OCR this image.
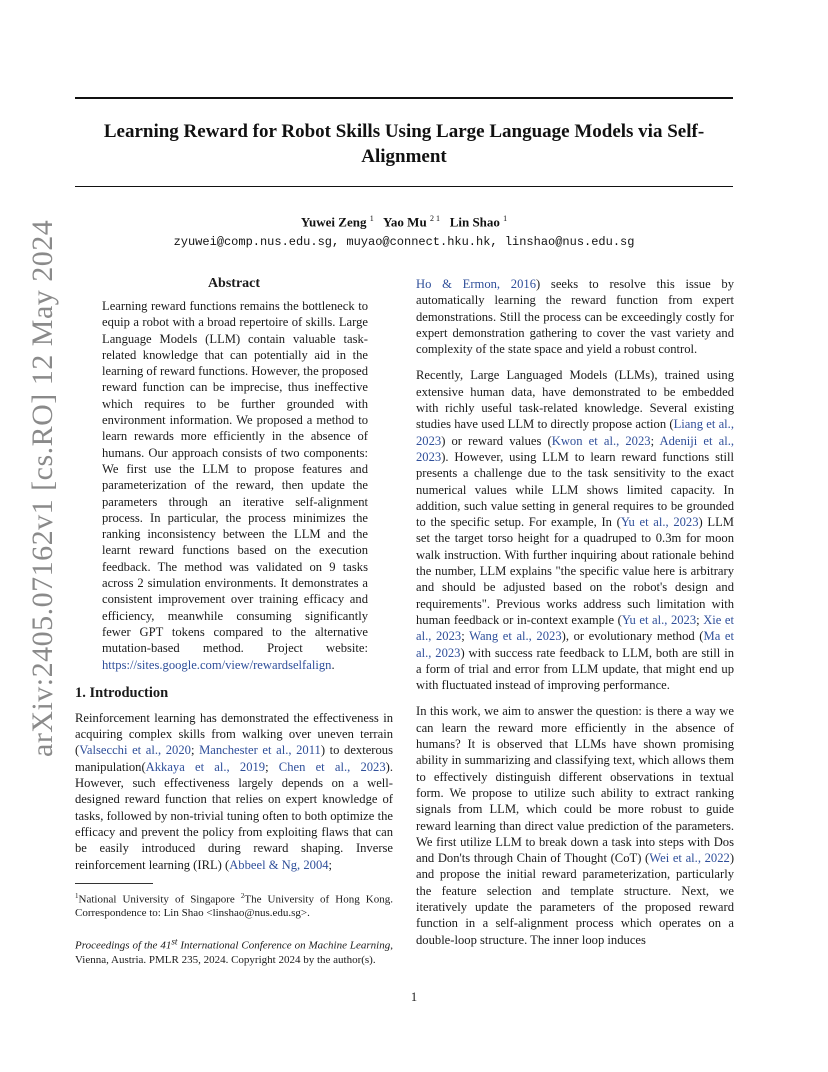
Learning Reward for Robot Skills Using Large Language Models via Self-Alignment
Yuwei Zeng $^1$ Yao Mu $^{2 1}$ Lin Shao $^1$
zyuwei@comp.nus.edu.sg, muyao@connect.hku.hk, linshao@nus.edu.sg
arXiv:2405.07162v1 [cs.RO] 12 May 2024	Abstract

Learning reward functions remains the bottleneck to equip a robot with a broad repertoire of skills. Large Language Models (LLM) contain valuable task-related knowledge that can potentially aid in the learning of reward functions. However, the proposed reward function can be imprecise, thus ineffective which requires to be further grounded with environment information. We proposed a method to learn rewards more efficiently in the absence of humans. Our approach consists of two components: We first use the LLM to propose features and parameterization of the reward, then update the parameters through an iterative self-alignment process. In particular, the process minimizes the ranking inconsistency between the LLM and the learnt reward functions based on the execution feedback. The method was validated on 9 tasks across 2 simulation environments. It demonstrates a consistent improvement over training efficacy and efficiency, meanwhile consuming significantly fewer GPT tokens compared to the alternative mutation-based method. Project website: https://sites.google.com/view/rewardselfalign.

1. Introduction

Reinforcement learning has demonstrated the effectiveness in acquiring complex skills from walking over uneven terrain (Valsecchi et al., 2020; Manchester et al., 2011) to dexterous manipulation(Akkaya et al., 2019; Chen et al., 2023). However, such effectiveness largely depends on a well-designed reward function that relies on expert knowledge of tasks, followed by non-trivial tuning often to both optimize the efficacy and prevent the policy from exploiting flaws that can be easily introduced during reward shaping. Inverse reinforcement learning (IRL) (Abbeel & Ng, 2004;

$^1$National University of Singapore $^2$The University of Hong Kong. Correspondence to: Lin Shao <linshao@nus.edu.sg>.

Proceedings of the 41st International Conference on Machine Learning, Vienna, Austria. PMLR 235, 2024. Copyright 2024 by the author(s).

Ho & Ermon, 2016) seeks to resolve this issue by automatically learning the reward function from expert demonstrations. Still the process can be exceedingly costly for expert demonstration gathering to cover the vast variety and complexity of the state space and yield a robust control.

Recently, Large Languaged Models (LLMs), trained using extensive human data, have demonstrated to be embedded with richly useful task-related knowledge. Several existing studies have used LLM to directly propose action (Liang et al., 2023) or reward values (Kwon et al., 2023; Adeniji et al., 2023). However, using LLM to learn reward functions still presents a challenge due to the task sensitivity to the exact numerical values while LLM shows limited capacity. In addition, such value setting in general requires to be grounded to the specific setup. For example, In (Yu et al., 2023) LLM set the target torso height for a quadruped to 0.3m for moon walk instruction. With further inquiring about rationale behind the number, LLM explains "the specific value here is arbitrary and should be adjusted based on the robot's design and requirements". Previous works address such limitation with human feedback or in-context example (Yu et al., 2023; Xie et al., 2023; Wang et al., 2023), or evolutionary method (Ma et al., 2023) with success rate feedback to LLM, both are still in a form of trial and error from LLM update, that might end up with fluctuated instead of improving performance.

In this work, we aim to answer the question: is there a way we can learn the reward more efficiently in the absence of humans? It is observed that LLMs have shown promising ability in summarizing and classifying text, which allows them to effectively distinguish different observations in textual form. We propose to utilize such ability to extract ranking signals from LLM, which could be more robust to guide reward learning than direct value prediction of the parameters. We first utilize LLM to break down a task into steps with Dos and Don'ts through Chain of Thought (CoT) (Wei et al., 2022) and propose the initial reward parameterization, particularly the feature selection and template structure. Next, we iteratively update the parameters of the proposed reward function in a self-alignment process which operates on a double-loop structure. The inner loop induces

1
